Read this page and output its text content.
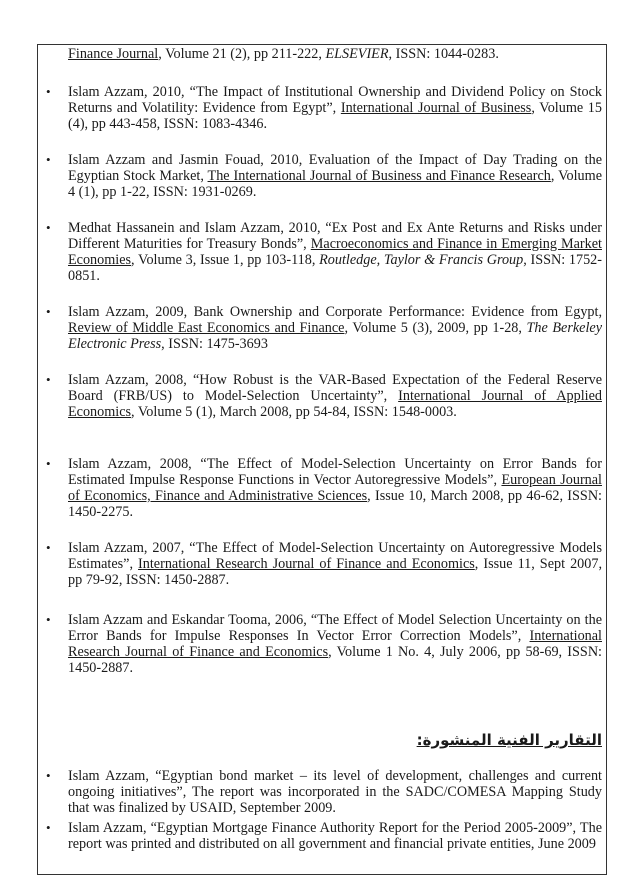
Finance Journal, Volume 21 (2), pp 211-222, ELSEVIER, ISSN: 1044-0283.
• Islam Azzam, 2010, “The Impact of Institutional Ownership and Dividend Policy on Stock Returns and Volatility: Evidence from Egypt”, International Journal of Business, Volume 15 (4), pp 443-458, ISSN: 1083-4346.
• Islam Azzam and Jasmin Fouad, 2010, Evaluation of the Impact of Day Trading on the Egyptian Stock Market, The International Journal of Business and Finance Research, Volume 4 (1), pp 1-22, ISSN: 1931-0269.
• Medhat Hassanein and Islam Azzam, 2010, “Ex Post and Ex Ante Returns and Risks under Different Maturities for Treasury Bonds”, Macroeconomics and Finance in Emerging Market Economies, Volume 3, Issue 1, pp 103-118, Routledge, Taylor & Francis Group, ISSN: 1752-0851.
• Islam Azzam, 2009, Bank Ownership and Corporate Performance: Evidence from Egypt, Review of Middle East Economics and Finance, Volume 5 (3), 2009, pp 1-28, The Berkeley Electronic Press, ISSN: 1475-3693
• Islam Azzam, 2008, “How Robust is the VAR-Based Expectation of the Federal Reserve Board (FRB/US) to Model-Selection Uncertainty”, International Journal of Applied Economics, Volume 5 (1), March 2008, pp 54-84, ISSN: 1548-0003.
• Islam Azzam, 2008, “The Effect of Model-Selection Uncertainty on Error Bands for Estimated Impulse Response Functions in Vector Autoregressive Models”, European Journal of Economics, Finance and Administrative Sciences, Issue 10, March 2008, pp 46-62, ISSN: 1450-2275.
• Islam Azzam, 2007, “The Effect of Model-Selection Uncertainty on Autoregressive Models Estimates”, International Research Journal of Finance and Economics, Issue 11, Sept 2007, pp 79-92, ISSN: 1450-2887.
• Islam Azzam and Eskandar Tooma, 2006, “The Effect of Model Selection Uncertainty on the Error Bands for Impulse Responses In Vector Error Correction Models”, International Research Journal of Finance and Economics, Volume 1 No. 4, July 2006, pp 58-69, ISSN: 1450-2887.
التقارير الفنية المنشورة:
• Islam Azzam, “Egyptian bond market – its level of development, challenges and current ongoing initiatives”, The report was incorporated in the SADC/COMESA Mapping Study that was finalized by USAID, September 2009.
• Islam Azzam, “Egyptian Mortgage Finance Authority Report for the Period 2005-2009”, The report was printed and distributed on all government and financial private entities, June 2009
